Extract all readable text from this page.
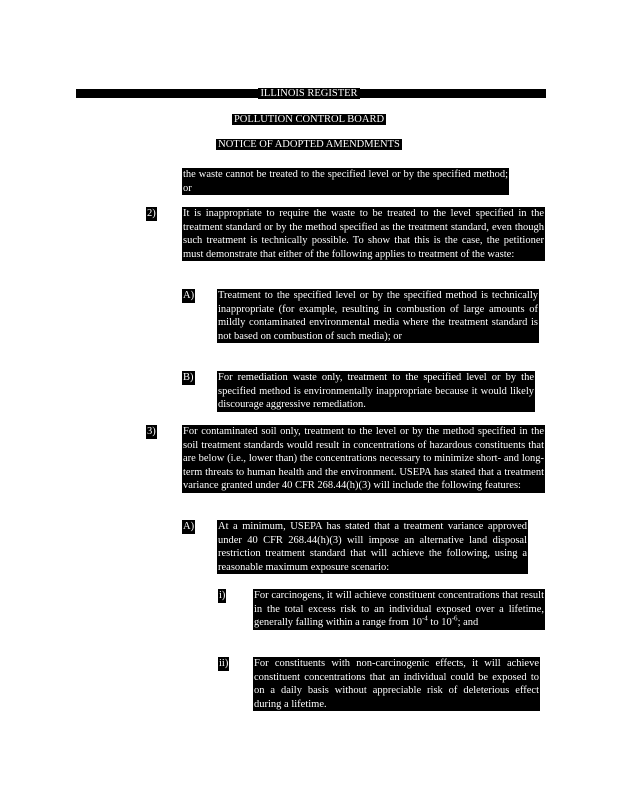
ILLINOIS REGISTER
POLLUTION CONTROL BOARD
NOTICE OF ADOPTED AMENDMENTS
the waste cannot be treated to the specified level or by the specified method; or
2)	It is inappropriate to require the waste to be treated to the level specified in the treatment standard or by the method specified as the treatment standard, even though such treatment is technically possible. To show that this is the case, the petitioner must demonstrate that either of the following applies to treatment of the waste:
A) Treatment to the specified level or by the specified method is technically inappropriate (for example, resulting in combustion of large amounts of mildly contaminated environmental media where the treatment standard is not based on combustion of such media); or
B) For remediation waste only, treatment to the specified level or by the specified method is environmentally inappropriate because it would likely discourage aggressive remediation.
3)	For contaminated soil only, treatment to the level or by the method specified in the soil treatment standards would result in concentrations of hazardous constituents that are below (i.e., lower than) the concentrations necessary to minimize short- and long-term threats to human health and the environment. USEPA has stated that a treatment variance granted under 40 CFR 268.44(h)(3) will include the following features:
A) At a minimum, USEPA has stated that a treatment variance approved under 40 CFR 268.44(h)(3) will impose an alternative land disposal restriction treatment standard that will achieve the following, using a reasonable maximum exposure scenario:
i)	For carcinogens, it will achieve constituent concentrations that result in the total excess risk to an individual exposed over a lifetime, generally falling within a range from $10^{-4}$ to $10^{-6}$; and
ii) For constituents with non-carcinogenic effects, it will achieve constituent concentrations that an individual could be exposed to on a daily basis without appreciable risk of deleterious effect during a lifetime.
